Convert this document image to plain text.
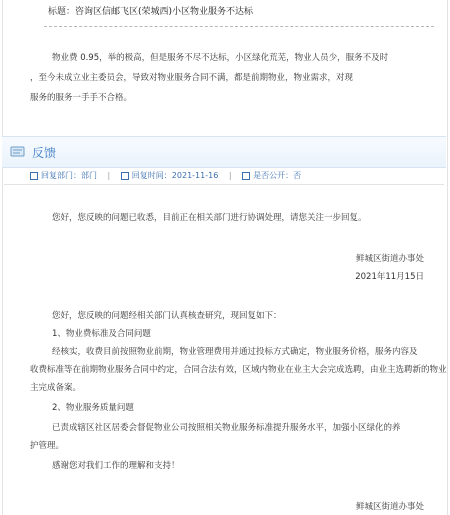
标题：咨询区信邮飞区(荣城西)小区物业服务不达标
物业费 0.95，举的极高，但是服务不尽不达标，小区绿化荒芜，物业人员少，服务不及时
，至今未成立业主委员会，导致对物业服务合同不满，都是前期物业，物业需求，对现
服务的服务一手手不合格。
反馈
回复部门：部门 |	回复时间：2021-11-16 |	是否公开：否
您好，您反映的问题已收悉，目前正在相关部门进行协调处理，请您关注一步回复。
鲜城区街道办事处
2021年11月15日
您好，您反映的问题经相关部门认真核查研究，现回复如下：
1、物业费标准及合同问题
经核实，收费目前按照物业前期，物业管理费用并通过投标方式确定，物业服务价格，服务内容及
收费标准等在前期物业服务合同中约定，合同合法有效，区域内物业在业主大会完成选聘，由业主选聘新的物业
主完成备案。
2、物业服务质量问题
已责成辖区社区居委会督促物业公司按照相关物业服务标准提升服务水平，加强小区绿化的养
护管理。
感谢您对我们工作的理解和支持！
鲜城区街道办事处
